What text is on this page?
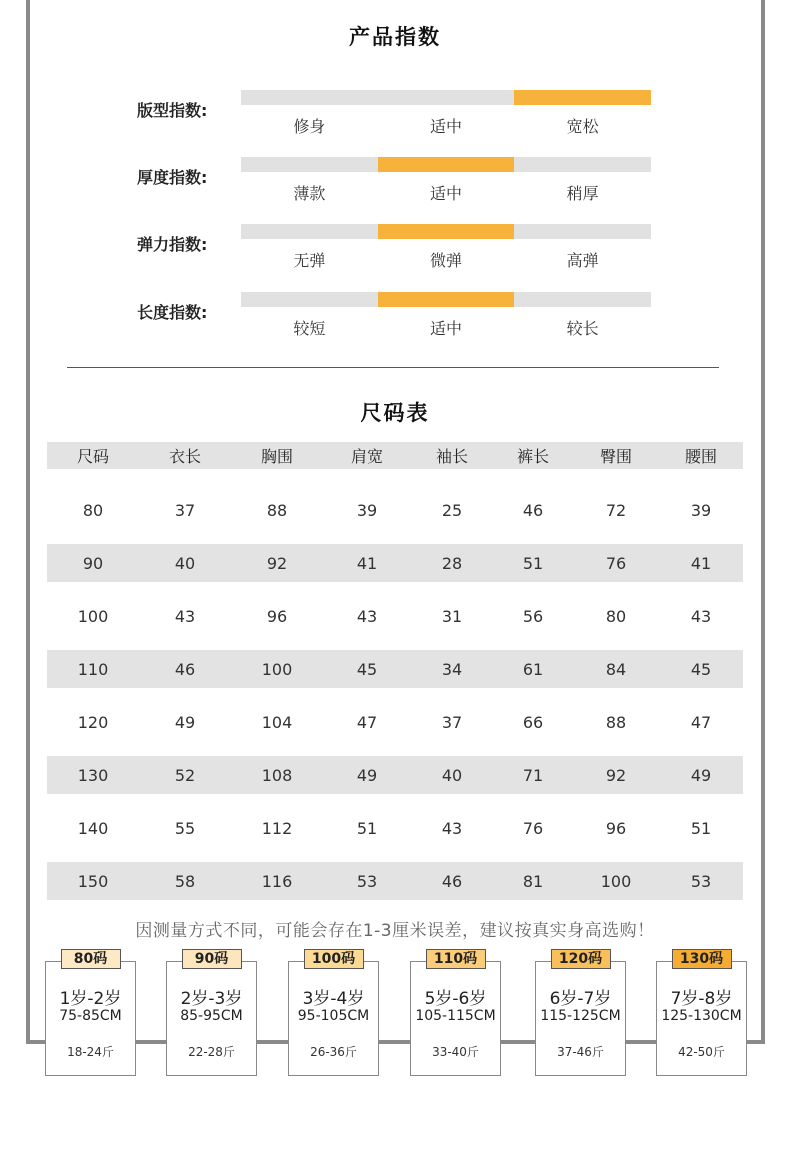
产品指数
版型指数:
修身	适中	宽松
厚度指数:
薄款	适中	稍厚
弹力指数:
无弹	微弹	高弹
长度指数:
较短	适中	较长
尺码表
尺码	衣长	胸围	肩宽	袖长	裤长	臀围	腰围
80	37	88	39	25	46	72	39
90	40	92	41	28	51	76	41
100	43	96	43	31	56	80	43
110	46	100	45	34	61	84	45
120	49	104	47	37	66	88	47
130	52	108	49	40	71	92	49
140	55	112	51	43	76	96	51
150	58	116	53	46	81	100	53
因测量方式不同，可能会存在1-3厘米误差，建议按真实身高选购！
80码
1岁-2岁
75-85CM
18-24斤
90码
2岁-3岁
85-95CM
22-28斤
100码
3岁-4岁
95-105CM
26-36斤
110码
5岁-6岁
105-115CM
33-40斤
120码
6岁-7岁
115-125CM
37-46斤
130码
7岁-8岁
125-130CM
42-50斤
